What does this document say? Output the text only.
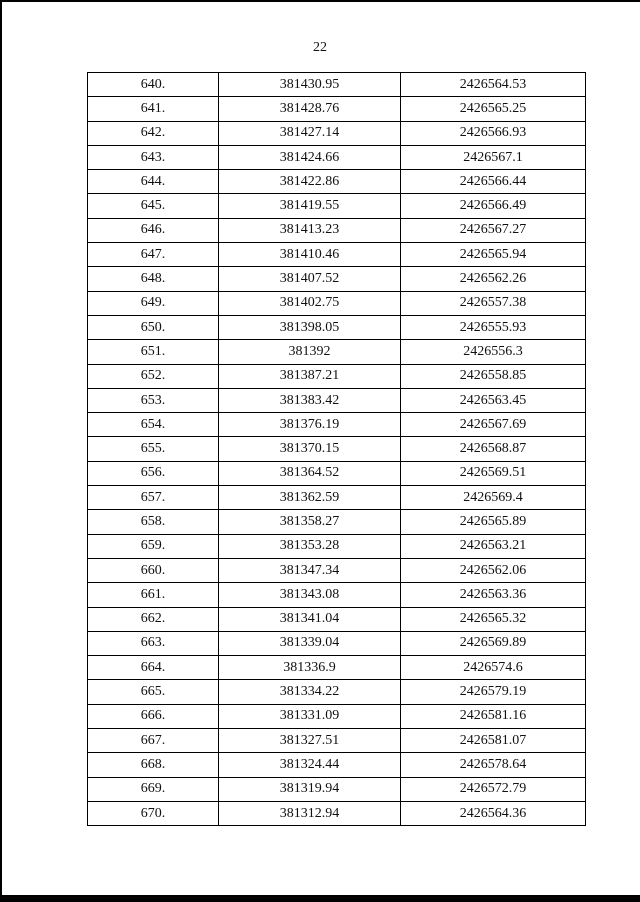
22
640.	381430.95	2426564.53
641.	381428.76	2426565.25
642.	381427.14	2426566.93
643.	381424.66	2426567.1
644.	381422.86	2426566.44
645.	381419.55	2426566.49
646.	381413.23	2426567.27
647.	381410.46	2426565.94
648.	381407.52	2426562.26
649.	381402.75	2426557.38
650.	381398.05	2426555.93
651.	381392	2426556.3
652.	381387.21	2426558.85
653.	381383.42	2426563.45
654.	381376.19	2426567.69
655.	381370.15	2426568.87
656.	381364.52	2426569.51
657.	381362.59	2426569.4
658.	381358.27	2426565.89
659.	381353.28	2426563.21
660.	381347.34	2426562.06
661.	381343.08	2426563.36
662.	381341.04	2426565.32
663.	381339.04	2426569.89
664.	381336.9	2426574.6
665.	381334.22	2426579.19
666.	381331.09	2426581.16
667.	381327.51	2426581.07
668.	381324.44	2426578.64
669.	381319.94	2426572.79
670.	381312.94	2426564.36
